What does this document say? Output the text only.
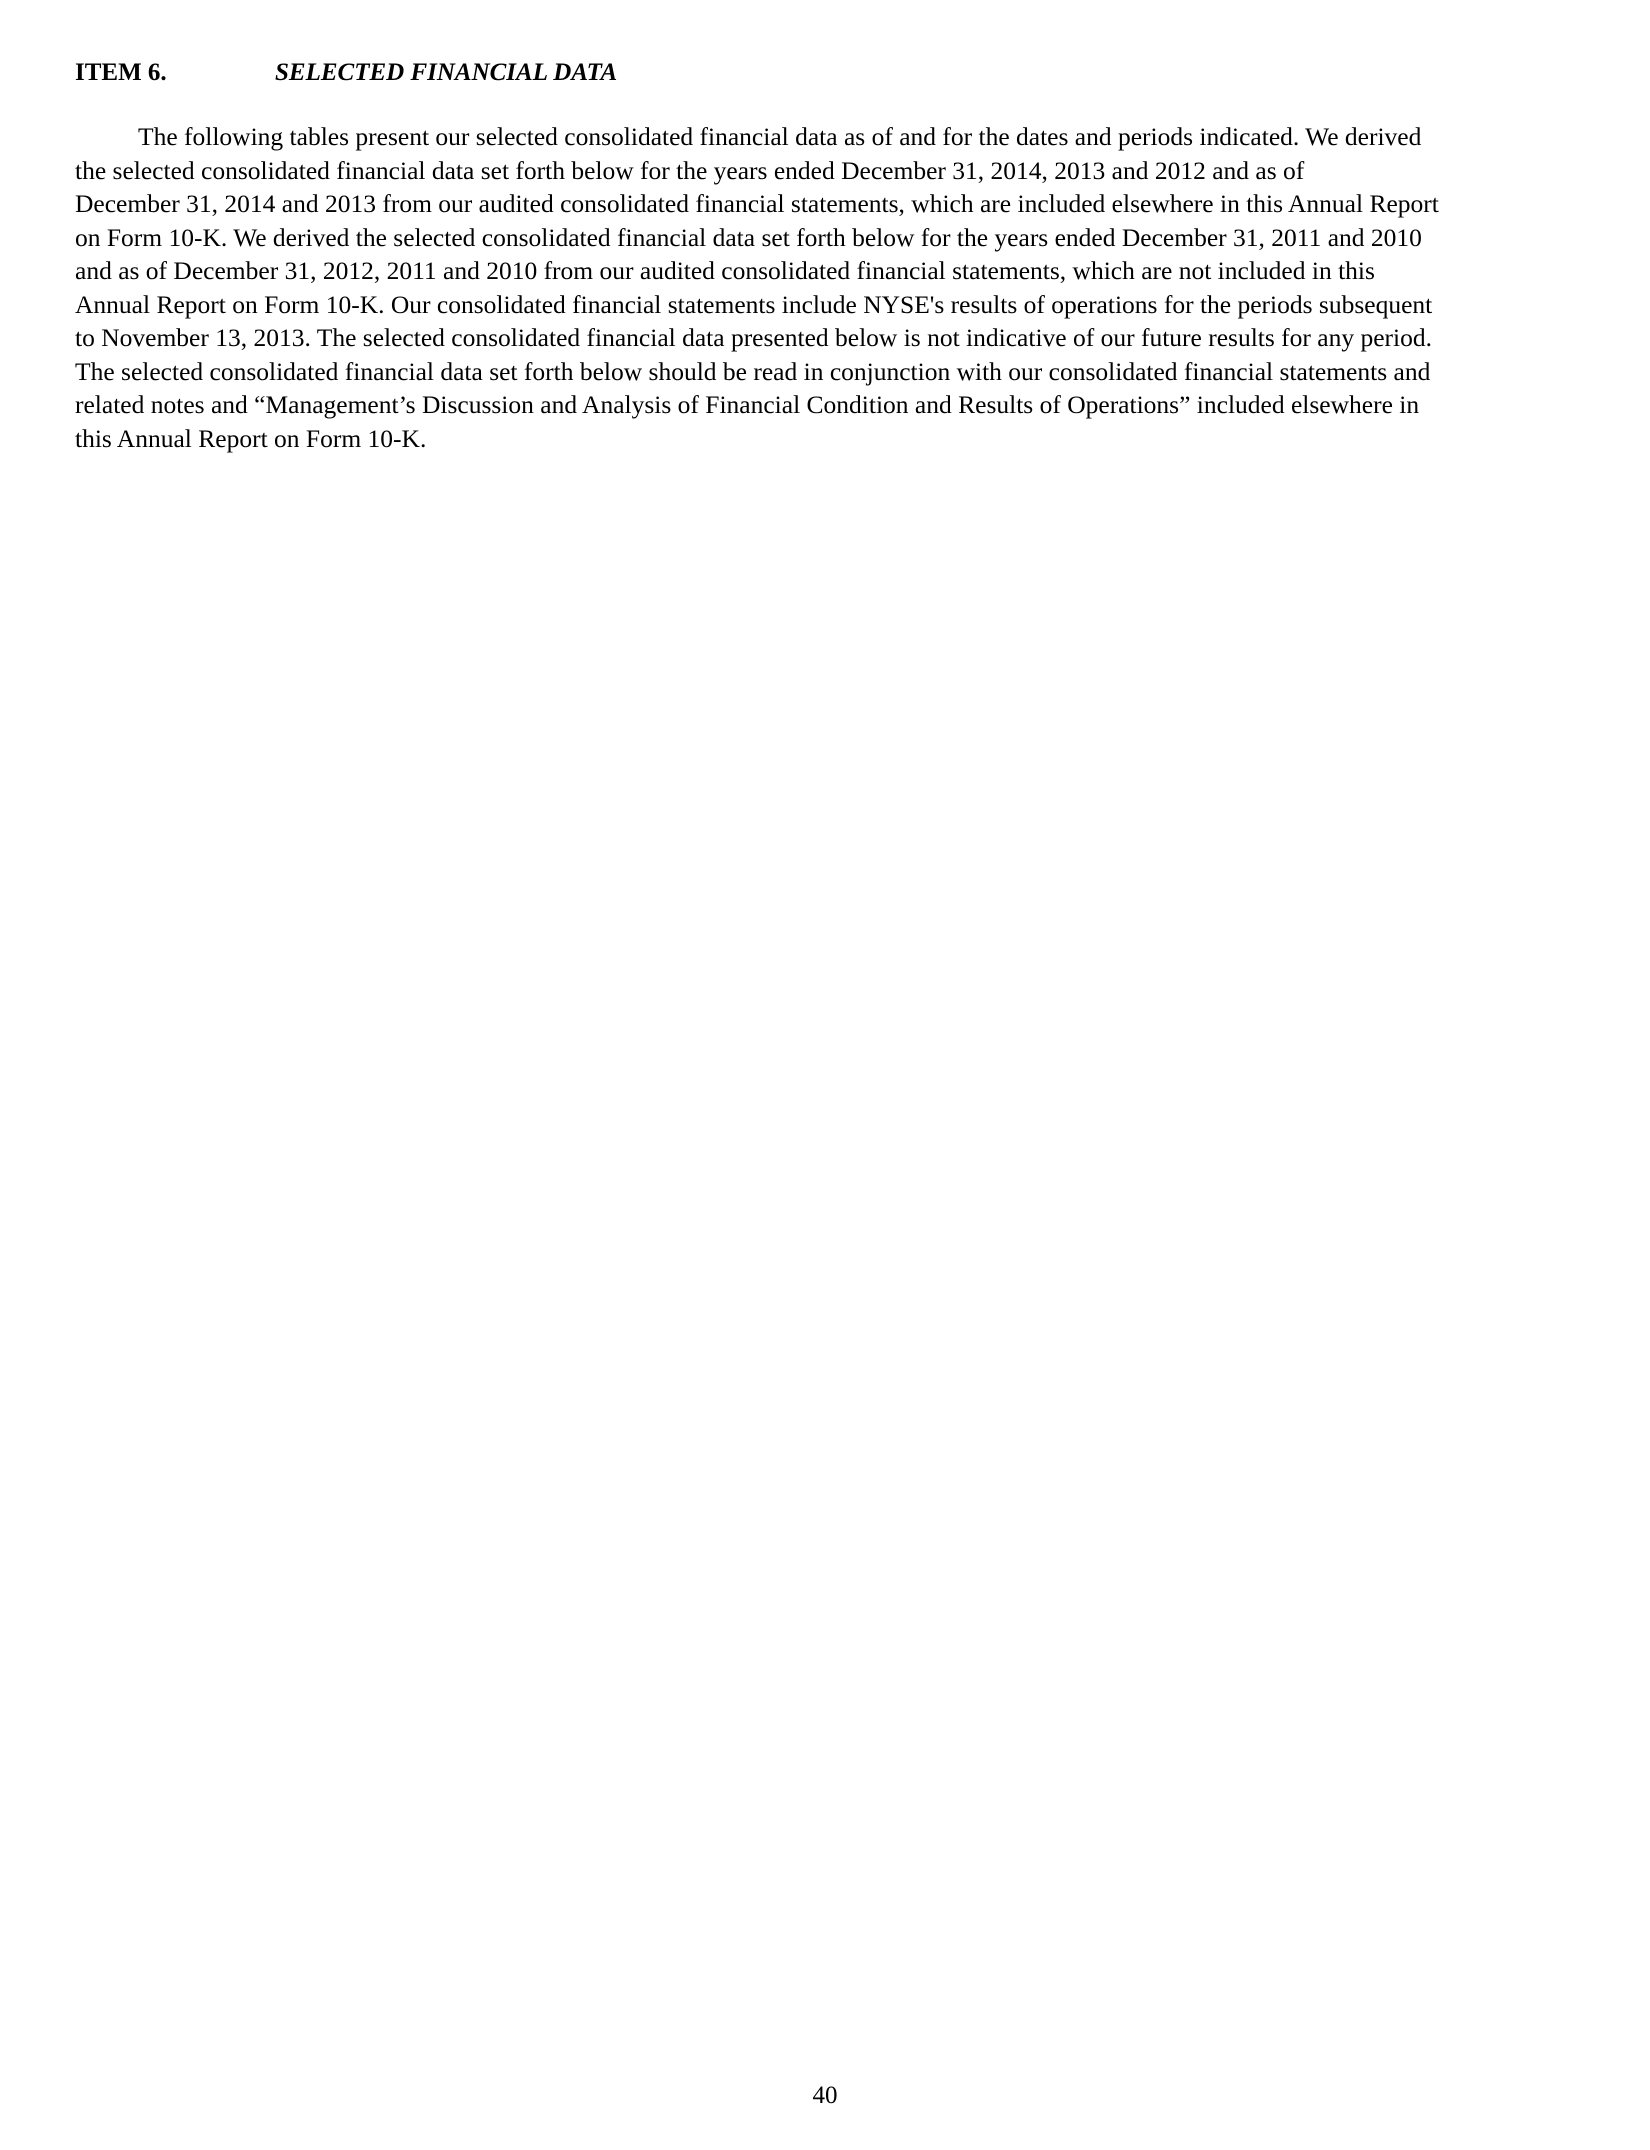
ITEM 6.	SELECTED FINANCIAL DATA

The following tables present our selected consolidated financial data as of and for the dates and periods indicated. We derived
the selected consolidated financial data set forth below for the years ended December 31, 2014, 2013 and 2012 and as of
December 31, 2014 and 2013 from our audited consolidated financial statements, which are included elsewhere in this Annual Report
on Form 10-K. We derived the selected consolidated financial data set forth below for the years ended December 31, 2011 and 2010
and as of December 31, 2012, 2011 and 2010 from our audited consolidated financial statements, which are not included in this
Annual Report on Form 10-K. Our consolidated financial statements include NYSE's results of operations for the periods subsequent
to November 13, 2013. The selected consolidated financial data presented below is not indicative of our future results for any period.
The selected consolidated financial data set forth below should be read in conjunction with our consolidated financial statements and
related notes and “Management’s Discussion and Analysis of Financial Condition and Results of Operations” included elsewhere in
this Annual Report on Form 10-K.

40
